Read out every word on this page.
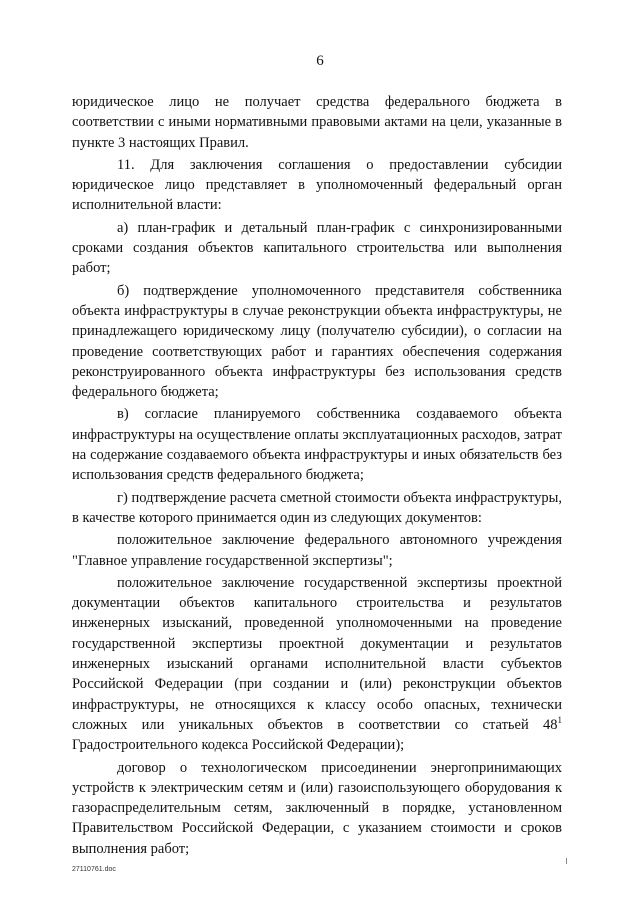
6

юридическое лицо не получает средства федерального бюджета в соответствии с иными нормативными правовыми актами на цели, указанные в пункте 3 настоящих Правил.

11. Для заключения соглашения о предоставлении субсидии юридическое лицо представляет в уполномоченный федеральный орган исполнительной власти:

а) план-график и детальный план-график с синхронизированными сроками создания объектов капитального строительства или выполнения работ;

б) подтверждение уполномоченного представителя собственника объекта инфраструктуры в случае реконструкции объекта инфраструктуры, не принадлежащего юридическому лицу (получателю субсидии), о согласии на проведение соответствующих работ и гарантиях обеспечения содержания реконструированного объекта инфраструктуры без использования средств федерального бюджета;

в) согласие планируемого собственника создаваемого объекта инфраструктуры на осуществление оплаты эксплуатационных расходов, затрат на содержание создаваемого объекта инфраструктуры и иных обязательств без использования средств федерального бюджета;

г) подтверждение расчета сметной стоимости объекта инфраструктуры, в качестве которого принимается один из следующих документов:

положительное заключение федерального автономного учреждения "Главное управление государственной экспертизы";

положительное заключение государственной экспертизы проектной документации объектов капитального строительства и результатов инженерных изысканий, проведенной уполномоченными на проведение государственной экспертизы проектной документации и результатов инженерных изысканий органами исполнительной власти субъектов Российской Федерации (при создании и (или) реконструкции объектов инфраструктуры, не относящихся к классу особо опасных, технически сложных или уникальных объектов в соответствии со статьей $48^1$ Градостроительного кодекса Российской Федерации);

договор о технологическом присоединении энергопринимающих устройств к электрическим сетям и (или) газоиспользующего оборудования к газораспределительным сетям, заключенный в порядке, установленном Правительством Российской Федерации, с указанием стоимости и сроков выполнения работ;

27110761.doc
